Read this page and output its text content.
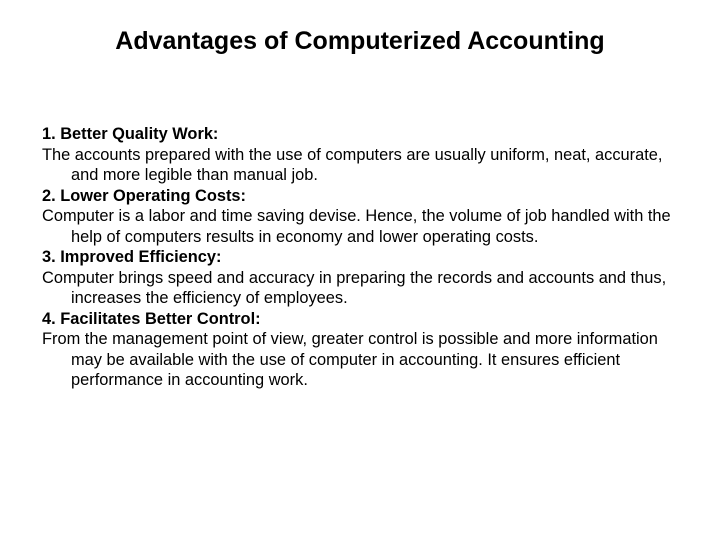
Advantages of Computerized Accounting

1. Better Quality Work:

The accounts prepared with the use of computers are usually uniform, neat, accurate, and more legible than manual job.

2. Lower Operating Costs:

Computer is a labor and time saving devise. Hence, the volume of job handled with the help of computers results in economy and lower operating costs.

3. Improved Efficiency:

Computer brings speed and accuracy in preparing the records and accounts and thus, increases the efficiency of employees.

4. Facilitates Better Control:

From the management point of view, greater control is possible and more information may be available with the use of computer in accounting. It ensures efficient performance in accounting work.
